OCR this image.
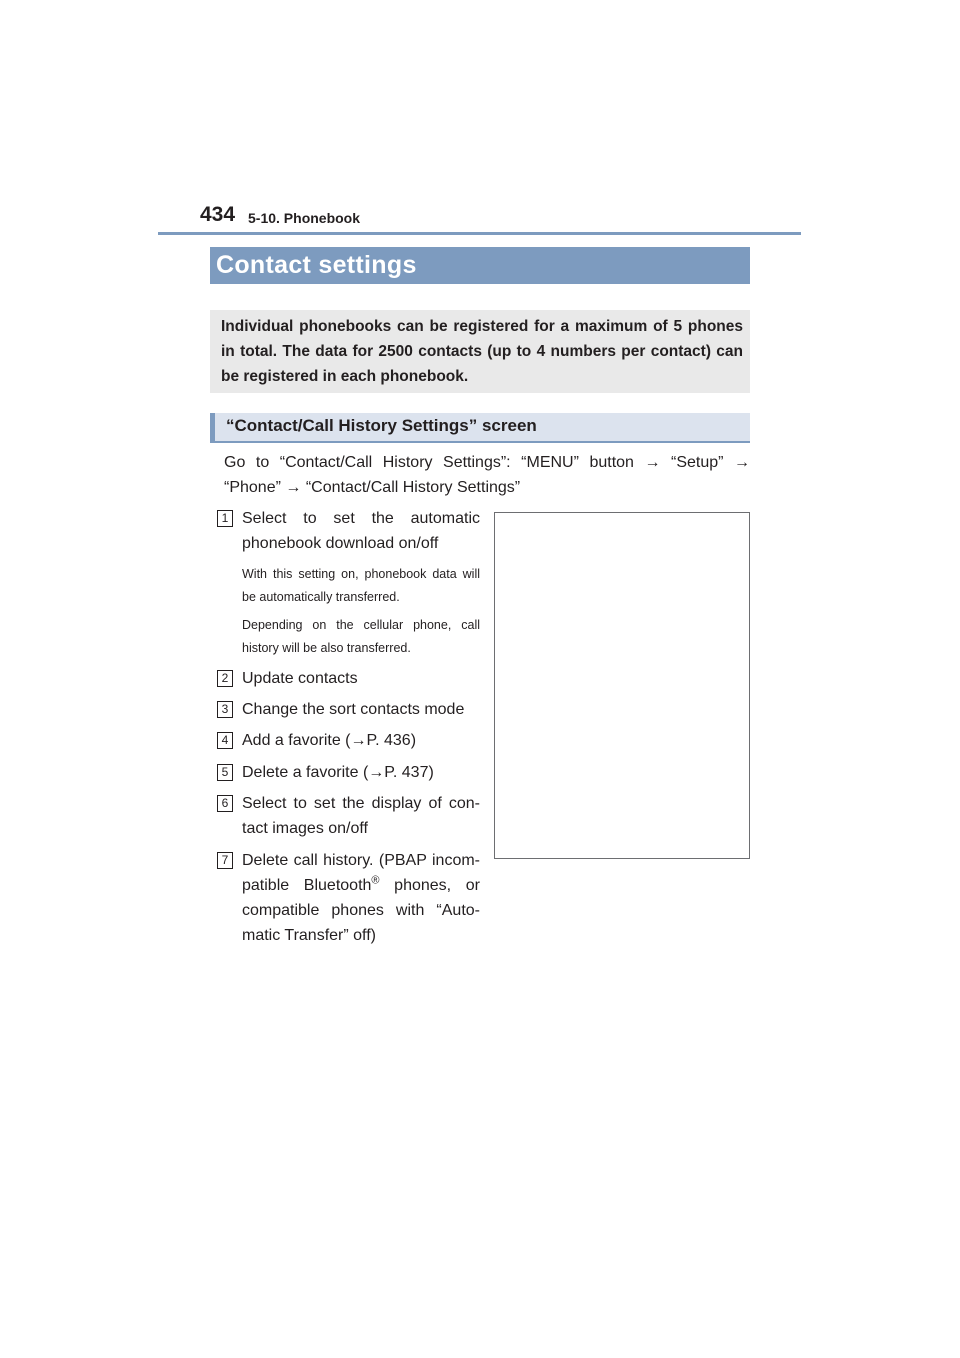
434 5-10. Phonebook
Contact settings

Individual phonebooks can be registered for a maximum of 5 phones in total. The data for 2500 contacts (up to 4 numbers per contact) can be registered in each phonebook.

“Contact/Call History Settings” screen
Go to “Contact/Call History Settings”: “MENU” button → “Setup” → “Phone” → “Contact/Call History Settings”
1 Select to set the automatic phonebook download on/off
With this setting on, phonebook data will be automatically transferred.
Depending on the cellular phone, call history will be also transferred.
2 Update contacts
3 Change the sort contacts mode
4 Add a favorite (→P. 436)
5 Delete a favorite (→P. 437)
6 Select to set the display of con-tact images on/off
7 Delete call history. (PBAP incom-patible Bluetooth® phones, or compatible phones with “Auto-matic Transfer” off)
